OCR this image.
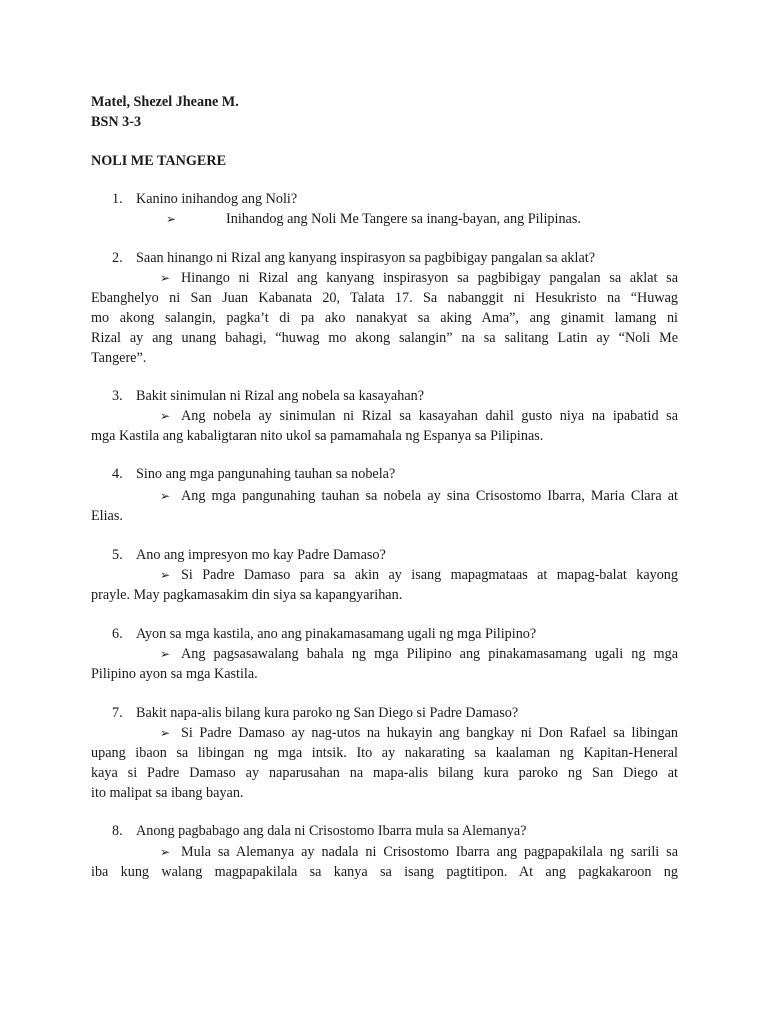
Matel, Shezel Jheane M.
BSN 3-3
NOLI ME TANGERE
1. Kanino inihandog ang Noli?
➢	Inihandog ang Noli Me Tangere sa inang-bayan, ang Pilipinas.
2. Saan hinango ni Rizal ang kanyang inspirasyon sa pagbibigay pangalan sa aklat?
➢ Hinango ni Rizal ang kanyang inspirasyon sa pagbibigay pangalan sa aklat sa
Ebanghelyo ni San Juan Kabanata 20, Talata 17. Sa nabanggit ni Hesukristo na “Huwag
mo akong salangin, pagka’t di pa ako nanakyat sa aking Ama”, ang ginamit lamang ni
Rizal ay ang unang bahagi, “huwag mo akong salangin” na sa salitang Latin ay “Noli Me
Tangere”.
3. Bakit sinimulan ni Rizal ang nobela sa kasayahan?
➢ Ang nobela ay sinimulan ni Rizal sa kasayahan dahil gusto niya na ipabatid sa
mga Kastila ang kabaligtaran nito ukol sa pamamahala ng Espanya sa Pilipinas.
4. Sino ang mga pangunahing tauhan sa nobela?
➢ Ang mga pangunahing tauhan sa nobela ay sina Crisostomo Ibarra, Maria Clara at
Elias.
5. Ano ang impresyon mo kay Padre Damaso?
➢ Si Padre Damaso para sa akin ay isang mapagmataas at mapag-balat kayong
prayle. May pagkamasakim din siya sa kapangyarihan.
6. Ayon sa mga kastila, ano ang pinakamasamang ugali ng mga Pilipino?
➢ Ang pagsasawalang bahala ng mga Pilipino ang pinakamasamang ugali ng mga
Pilipino ayon sa mga Kastila.
7. Bakit napa-alis bilang kura paroko ng San Diego si Padre Damaso?
➢ Si Padre Damaso ay nag-utos na hukayin ang bangkay ni Don Rafael sa libingan
upang ibaon sa libingan ng mga intsik. Ito ay nakarating sa kaalaman ng Kapitan-Heneral
kaya si Padre Damaso ay naparusahan na mapa-alis bilang kura paroko ng San Diego at
ito malipat sa ibang bayan.
8. Anong pagbabago ang dala ni Crisostomo Ibarra mula sa Alemanya?
➢ Mula sa Alemanya ay nadala ni Crisostomo Ibarra ang pagpapakilala ng sarili sa
iba kung walang magpapakilala sa kanya sa isang pagtitipon. At ang pagkakaroon ng
